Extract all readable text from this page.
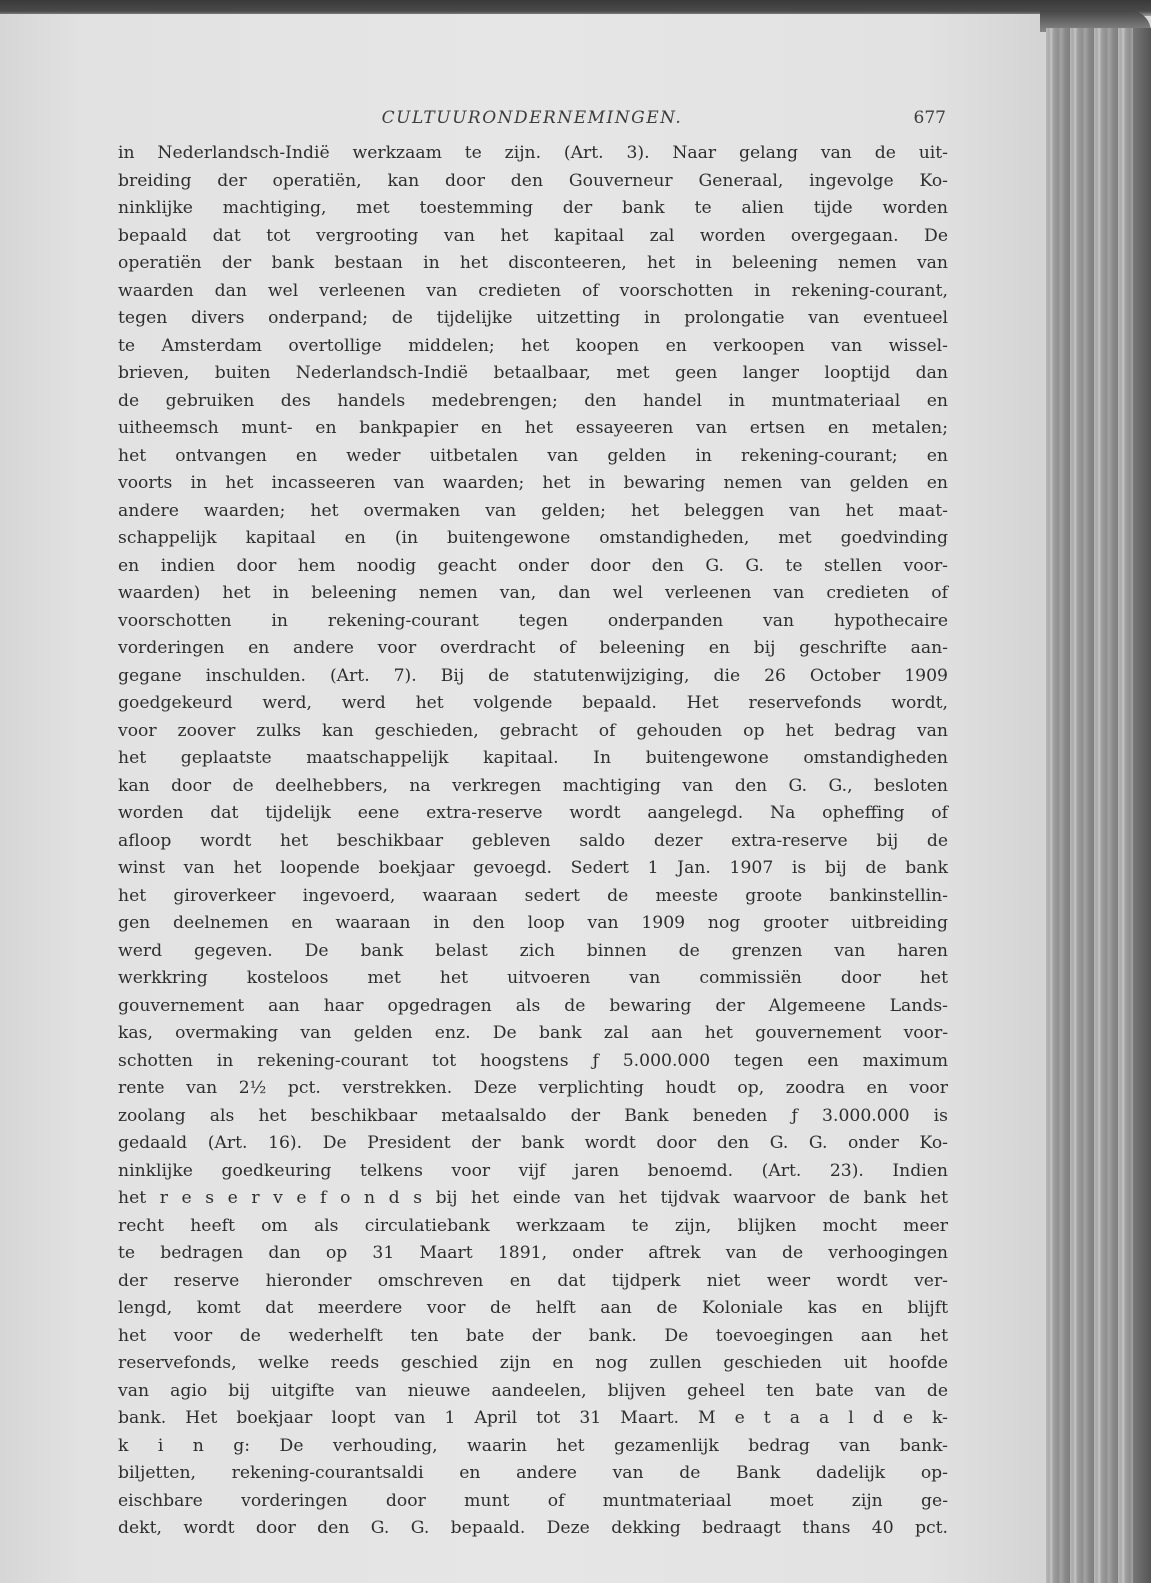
CULTUURONDERNEMINGEN.	677
in Nederlandsch-Indië werkzaam te zijn. (Art. 3). Naar gelang van de uit-
breiding der operatiën, kan door den Gouverneur Generaal, ingevolge Ko-
ninklijke machtiging, met toestemming der bank te alien tijde worden
bepaald dat tot vergrooting van het kapitaal zal worden overgegaan. De
operatiën der bank bestaan in het disconteeren, het in beleening nemen van
waarden dan wel verleenen van credieten of voorschotten in rekening-courant,
tegen divers onderpand; de tijdelijke uitzetting in prolongatie van eventueel
te Amsterdam overtollige middelen; het koopen en verkoopen van wissel-
brieven, buiten Nederlandsch-Indië betaalbaar, met geen langer looptijd dan
de gebruiken des handels medebrengen; den handel in muntmateriaal en
uitheemsch munt- en bankpapier en het essayeeren van ertsen en metalen;
het ontvangen en weder uitbetalen van gelden in rekening-courant; en
voorts in het incasseeren van waarden; het in bewaring nemen van gelden en
andere waarden; het overmaken van gelden; het beleggen van het maat-
schappelijk kapitaal en (in buitengewone omstandigheden, met goedvinding
en indien door hem noodig geacht onder door den G. G. te stellen voor-
waarden) het in beleening nemen van, dan wel verleenen van credieten of
voorschotten in rekening-courant tegen onderpanden van hypothecaire
vorderingen en andere voor overdracht of beleening en bij geschrifte aan-
gegane inschulden. (Art. 7). Bij de statutenwijziging, die 26 October 1909
goedgekeurd werd, werd het volgende bepaald. Het reservefonds wordt,
voor zoover zulks kan geschieden, gebracht of gehouden op het bedrag van
het geplaatste maatschappelijk kapitaal. In buitengewone omstandigheden
kan door de deelhebbers, na verkregen machtiging van den G. G., besloten
worden dat tijdelijk eene extra-reserve wordt aangelegd. Na opheffing of
afloop wordt het beschikbaar gebleven saldo dezer extra-reserve bij de
winst van het loopende boekjaar gevoegd. Sedert 1 Jan. 1907 is bij de bank
het giroverkeer ingevoerd, waaraan sedert de meeste groote bankinstellin-
gen deelnemen en waaraan in den loop van 1909 nog grooter uitbreiding
werd gegeven. De bank belast zich binnen de grenzen van haren
werkkring kosteloos met het uitvoeren van commissiën door het
gouvernement aan haar opgedragen als de bewaring der Algemeene Lands-
kas, overmaking van gelden enz. De bank zal aan het gouvernement voor-
schotten in rekening-courant tot hoogstens ƒ 5.000.000 tegen een maximum
rente van 2½ pct. verstrekken. Deze verplichting houdt op, zoodra en voor
zoolang als het beschikbaar metaalsaldo der Bank beneden ƒ 3.000.000 is
gedaald (Art. 16). De President der bank wordt door den G. G. onder Ko-
ninklijke goedkeuring telkens voor vijf jaren benoemd. (Art. 23). Indien
het r e s e r v e f o n d s bij het einde van het tijdvak waarvoor de bank het
recht heeft om als circulatiebank werkzaam te zijn, blijken mocht meer
te bedragen dan op 31 Maart 1891, onder aftrek van de verhoogingen
der reserve hieronder omschreven en dat tijdperk niet weer wordt ver-
lengd, komt dat meerdere voor de helft aan de Koloniale kas en blijft
het voor de wederhelft ten bate der bank. De toevoegingen aan het
reservefonds, welke reeds geschied zijn en nog zullen geschieden uit hoofde
van agio bij uitgifte van nieuwe aandeelen, blijven geheel ten bate van de
bank. Het boekjaar loopt van 1 April tot 31 Maart. M e t a a l d e k-
k i n g: De verhouding, waarin het gezamenlijk bedrag van bank-
biljetten, rekening-courantsaldi en andere van de Bank dadelijk op-
eischbare vorderingen door munt of muntmateriaal moet zijn ge-
dekt, wordt door den G. G. bepaald. Deze dekking bedraagt thans 40 pct.
